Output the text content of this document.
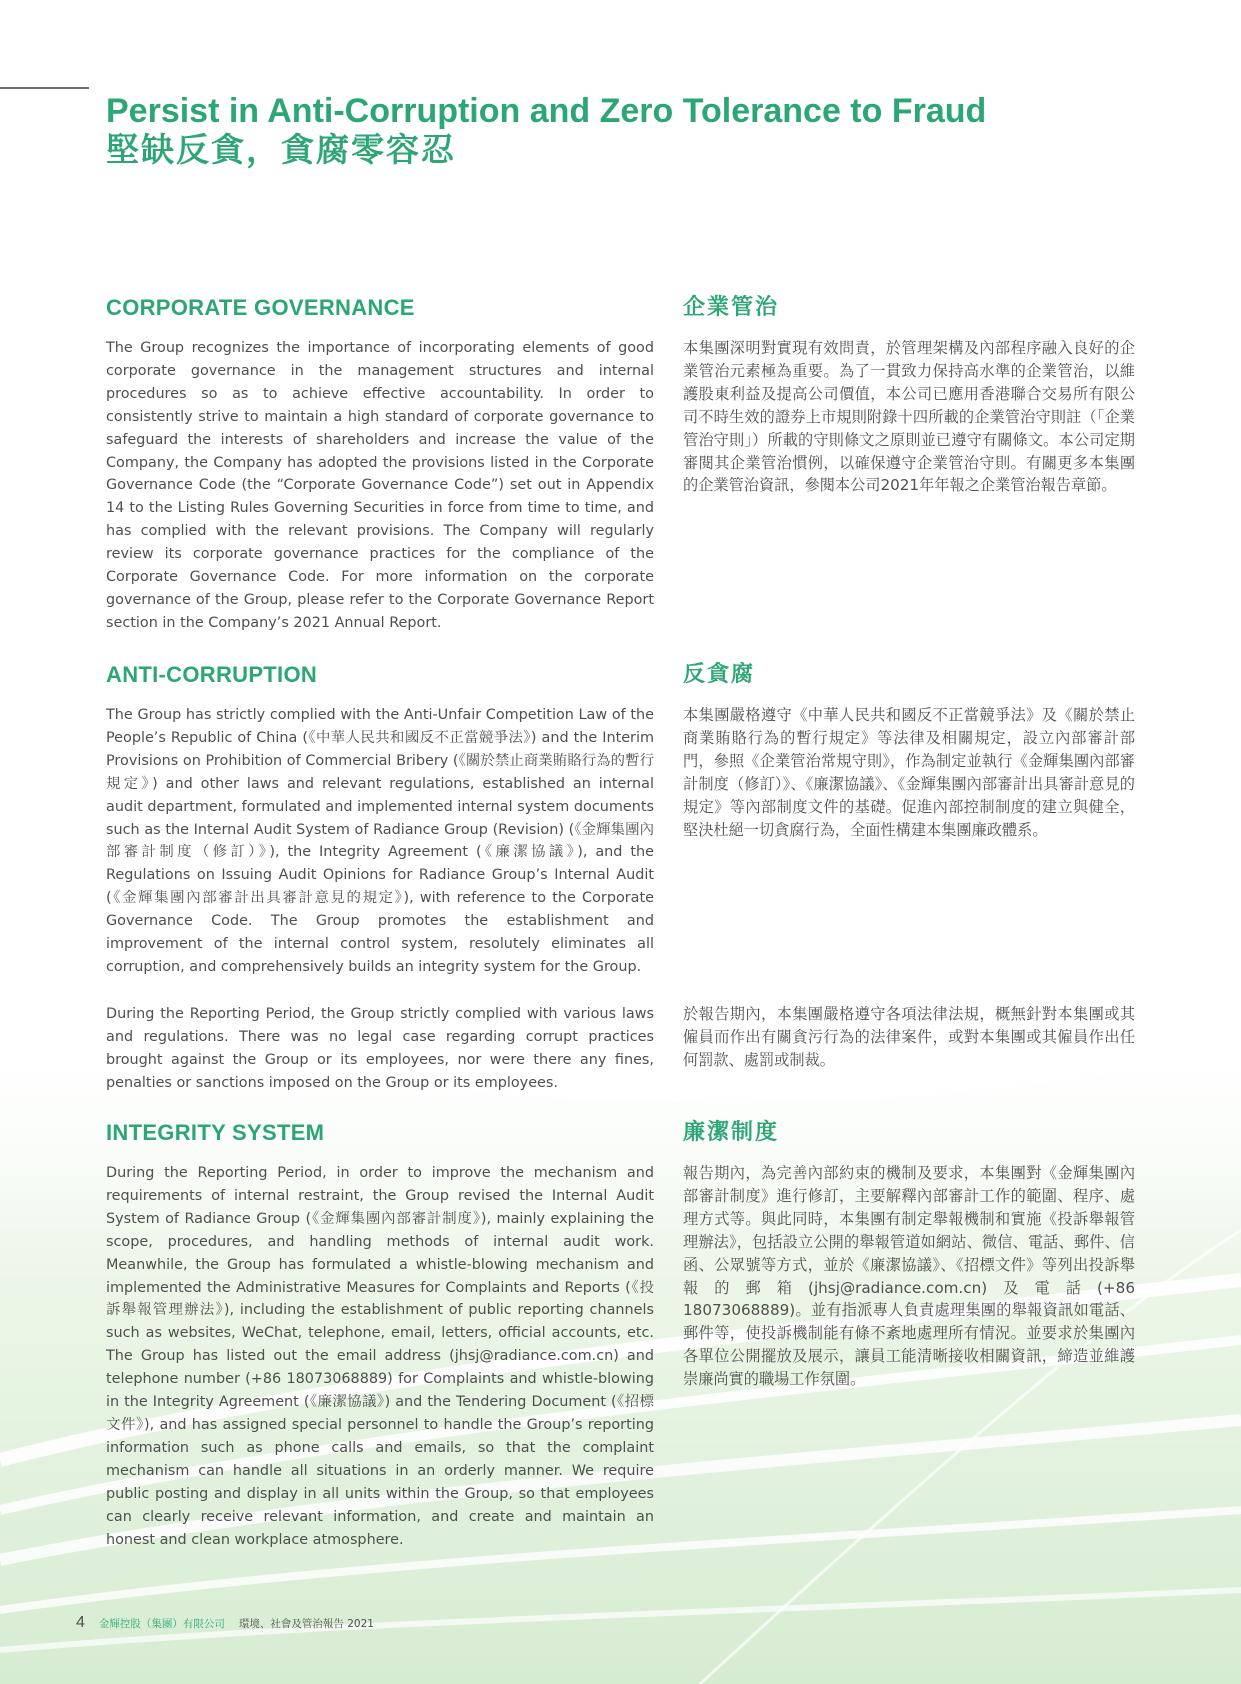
Persist in Anti-Corruption and Zero Tolerance to Fraud
堅缺反貪，貪腐零容忍
CORPORATE GOVERNANCE

The Group recognizes the importance of incorporating elements of good corporate governance in the management structures and internal procedures so as to achieve effective accountability. In order to consistently strive to maintain a high standard of corporate governance to safeguard the interests of shareholders and increase the value of the Company, the Company has adopted the provisions listed in the Corporate Governance Code (the “Corporate Governance Code”) set out in Appendix 14 to the Listing Rules Governing Securities in force from time to time, and has complied with the relevant provisions. The Company will regularly review its corporate governance practices for the compliance of the Corporate Governance Code. For more information on the corporate governance of the Group, please refer to the Corporate Governance Report section in the Company’s 2021 Annual Report.

企業管治

本集團深明對實現有效問責，於管理架構及內部程序融入良好的企業管治元素極為重要。為了一貫致力保持高水準的企業管治，以維護股東利益及提高公司價值，本公司已應用香港聯合交易所有限公司不時生效的證券上市規則附錄十四所載的企業管治守則註（「企業管治守則」）所載的守則條文之原則並已遵守有關條文。本公司定期審閱其企業管治慣例，以確保遵守企業管治守則。有關更多本集團的企業管治資訊，參閱本公司2021年年報之企業管治報告章節。

ANTI-CORRUPTION

The Group has strictly complied with the Anti-Unfair Competition Law of the People’s Republic of China (《中華人民共和國反不正當競爭法》) and the Interim Provisions on Prohibition of Commercial Bribery (《關於禁止商業賄賂行為的暫行規定》) and other laws and relevant regulations, established an internal audit department, formulated and implemented internal system documents such as the Internal Audit System of Radiance Group (Revision) (《金輝集團內部審計制度（修訂）》), the Integrity Agreement (《廉潔協議》), and the Regulations on Issuing Audit Opinions for Radiance Group’s Internal Audit (《金輝集團內部審計出具審計意見的規定》), with reference to the Corporate Governance Code. The Group promotes the establishment and improvement of the internal control system, resolutely eliminates all corruption, and comprehensively builds an integrity system for the Group.

反貪腐

本集團嚴格遵守《中華人民共和國反不正當競爭法》及《關於禁止商業賄賂行為的暫行規定》等法律及相關規定，設立內部審計部門，參照《企業管治常規守則》，作為制定並執行《金輝集團內部審計制度（修訂）》、《廉潔協議》、《金輝集團內部審計出具審計意見的規定》等內部制度文件的基礎。促進內部控制制度的建立與健全，堅決杜絕一切貪腐行為，全面性構建本集團廉政體系。

During the Reporting Period, the Group strictly complied with various laws and regulations. There was no legal case regarding corrupt practices brought against the Group or its employees, nor were there any fines, penalties or sanctions imposed on the Group or its employees.

於報告期內，本集團嚴格遵守各項法律法規，概無針對本集團或其僱員而作出有關貪污行為的法律案件，或對本集團或其僱員作出任何罰款、處罰或制裁。

INTEGRITY SYSTEM

During the Reporting Period, in order to improve the mechanism and requirements of internal restraint, the Group revised the Internal Audit System of Radiance Group (《金輝集團內部審計制度》), mainly explaining the scope, procedures, and handling methods of internal audit work. Meanwhile, the Group has formulated a whistle-blowing mechanism and implemented the Administrative Measures for Complaints and Reports (《投訴舉報管理辦法》), including the establishment of public reporting channels such as websites, WeChat, telephone, email, letters, official accounts, etc. The Group has listed out the email address (jhsj@radiance.com.cn) and telephone number (+86 18073068889) for Complaints and whistle-blowing in the Integrity Agreement (《廉潔協議》) and the Tendering Document (《招標文件》), and has assigned special personnel to handle the Group’s reporting information such as phone calls and emails, so that the complaint mechanism can handle all situations in an orderly manner. We require public posting and display in all units within the Group, so that employees can clearly receive relevant information, and create and maintain an honest and clean workplace atmosphere.

廉潔制度

報告期內，為完善內部約束的機制及要求，本集團對《金輝集團內部審計制度》進行修訂，主要解釋內部審計工作的範圍、程序、處理方式等。與此同時，本集團有制定舉報機制和實施《投訴舉報管理辦法》，包括設立公開的舉報管道如網站、微信、電話、郵件、信函、公眾號等方式，並於《廉潔協議》、《招標文件》等列出投訴舉報的郵箱(jhsj@radiance.com.cn)及電話(+86 18073068889)。並有指派專人負責處理集團的舉報資訊如電話、郵件等，使投訴機制能有條不紊地處理所有情況。並要求於集團內各單位公開擺放及展示，讓員工能清晰接收相關資訊，締造並維護崇廉尚實的職場工作氛圍。

4 金輝控股（集團）有限公司 環境、社會及管治報告 2021
